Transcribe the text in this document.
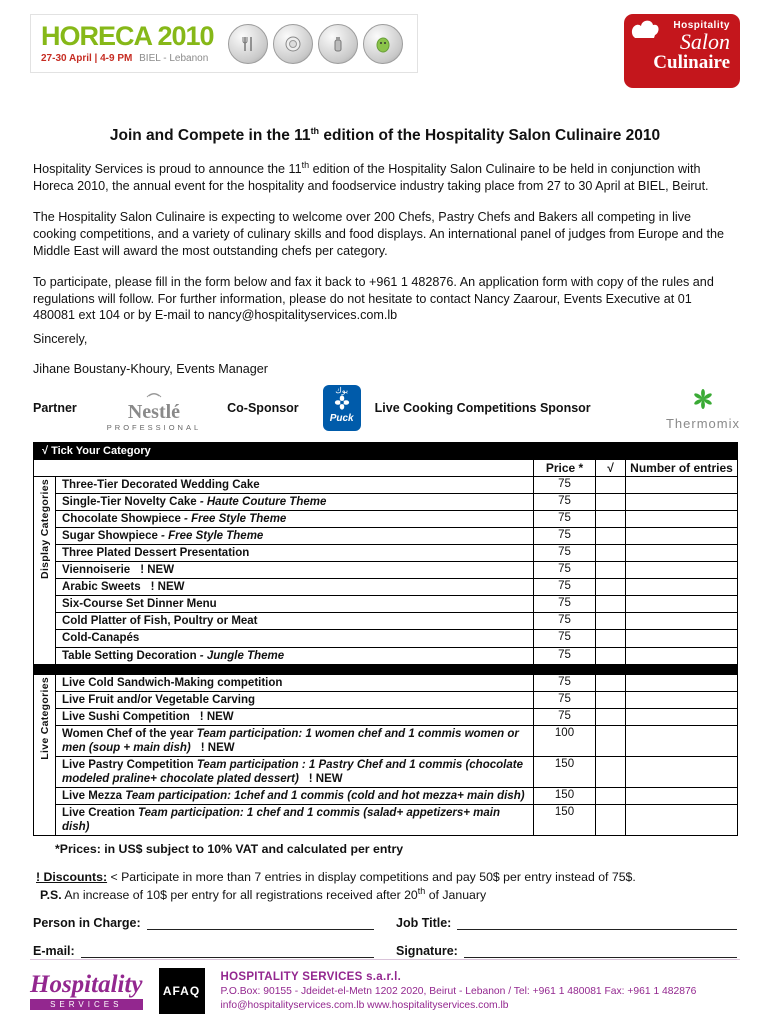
HORECA 2010
27-30 April | 4-9 PM BIEL - Lebanon
Hospitality
Salon
Culinaire
Join and Compete in the 11th edition of the Hospitality Salon Culinaire 2010

Hospitality Services is proud to announce the 11th edition of the Hospitality Salon Culinaire to be held in conjunction with Horeca 2010, the annual event for the hospitality and foodservice industry taking place from 27 to 30 April at BIEL, Beirut.

The Hospitality Salon Culinaire is expecting to welcome over 200 Chefs, Pastry Chefs and Bakers all competing in live cooking competitions, and a variety of culinary skills and food displays. An international panel of judges from Europe and the Middle East will award the most outstanding chefs per category.

To participate, please fill in the form below and fax it back to +961 1 482876. An application form with copy of the rules and regulations will follow. For further information, please do not hesitate to contact Nancy Zaarour, Events Executive at 01 480081 ext 104 or by E-mail to nancy@hospitalityservices.com.lb

Sincerely,

Jihane Boustany-Khoury, Events Manager

Partner	Nestlé
PROFESSIONAL
Co-Sponsor
بوك
Puck
Live Cooking Competitions Sponsor
Thermomix
√ Tick Your Category				
		Price *	√	Number of entries

Display Categories	Three-Tier Decorated Wedding Cake	75		
	Single-Tier Novelty Cake - Haute Couture Theme	75		
	Chocolate Showpiece - Free Style Theme	75		
	Sugar Showpiece - Free Style Theme	75		
	Three Plated Dessert Presentation	75		
	Viennoiserie ! NEW	75		
	Arabic Sweets ! NEW	75		
	Six-Course Set Dinner Menu	75		
	Cold Platter of Fish, Poultry or Meat	75		
	Cold-Canapés	75		
	Table Setting Decoration - Jungle Theme	75		

Live Categories	Live Cold Sandwich-Making competition	75		
	Live Fruit and/or Vegetable Carving	75		
	Live Sushi Competition ! NEW	75		
	Women Chef of the year Team participation: 1 women chef and 1 commis women or men (soup + main dish) ! NEW	100		
	Live Pastry Competition Team participation : 1 Pastry Chef and 1 commis (chocolate modeled praline+ chocolate plated dessert) ! NEW	150		
	Live Mezza Team participation: 1chef and 1 commis (cold and hot mezza+ main dish)	150		
	Live Creation Team participation: 1 chef and 1 commis (salad+ appetizers+ main dish)	150		

*Prices: in US$ subject to 10% VAT and calculated per entry

! Discounts: < Participate in more than 7 entries in display competitions and pay 50$ per entry instead of 75$.

P.S. An increase of 10$ per entry for all registrations received after 20th of January

Person in Charge:	Job Title:
E-mail:	Signature:
Hospitality
SERVICES
AFAQ
HOSPITALITY SERVICES s.a.r.l.
P.O.Box: 90155 - Jdeidet-el-Metn 1202 2020, Beirut - Lebanon / Tel: +961 1 480081 Fax: +961 1 482876
info@hospitalityservices.com.lb www.hospitalityservices.com.lb
